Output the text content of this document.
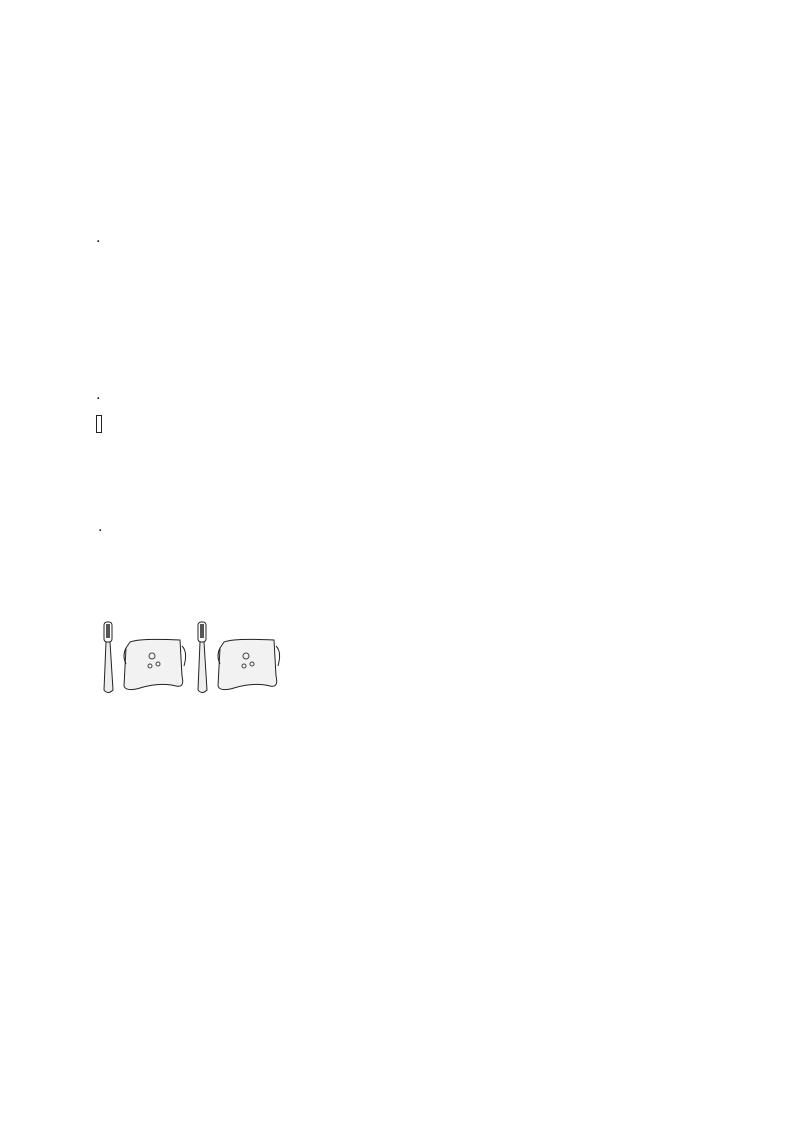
.
.
.
